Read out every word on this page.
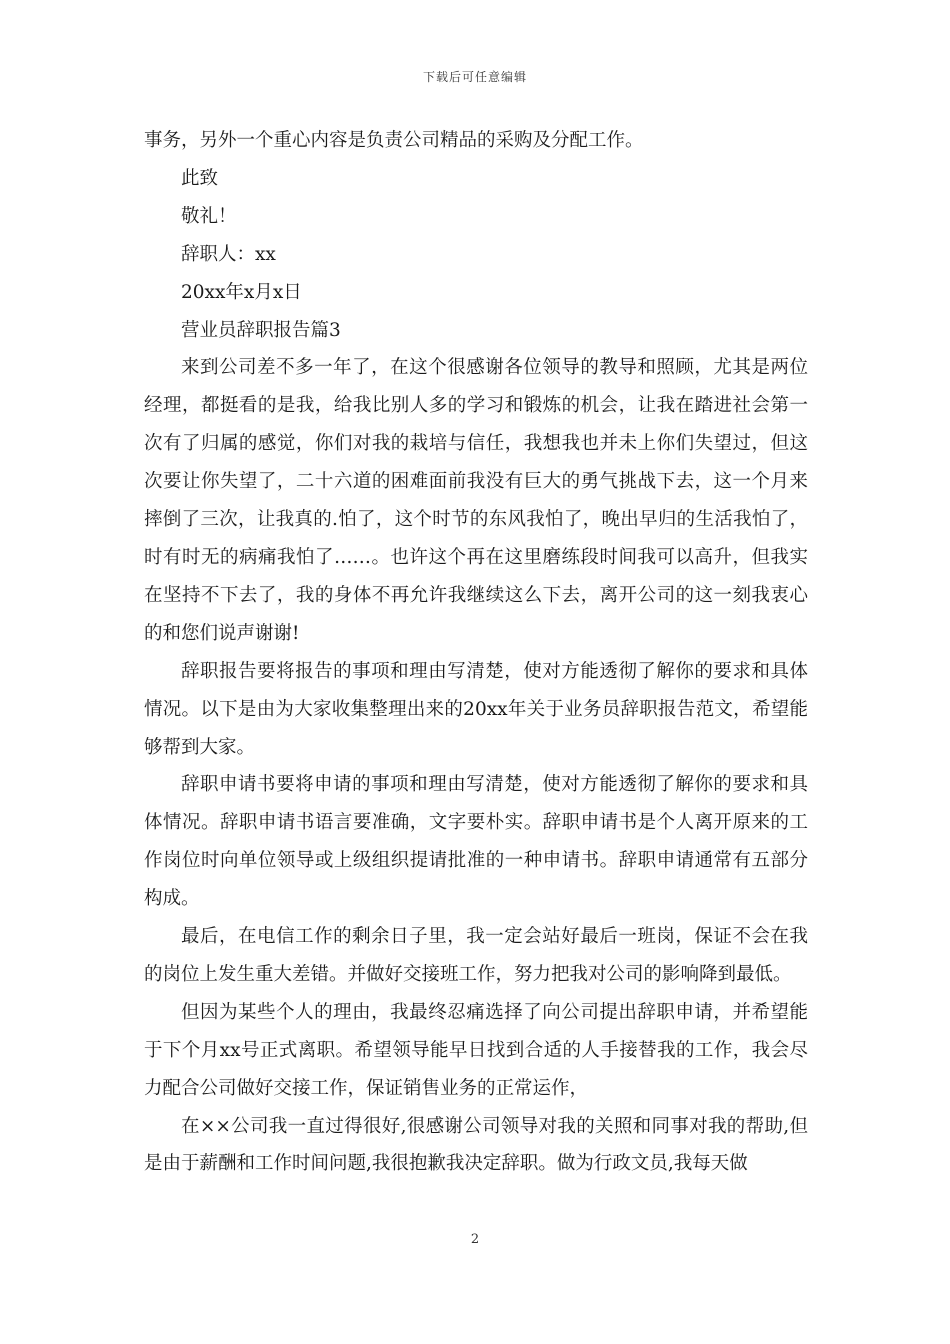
下载后可任意编辑

事务，另外一个重心内容是负责公司精品的采购及分配工作。

此致

敬礼！

辞职人：xx

20xx年x月x日

营业员辞职报告篇3

来到公司差不多一年了，在这个很感谢各位领导的教导和照顾，尤其是两位经理，都挺看的是我，给我比别人多的学习和锻炼的机会，让我在踏进社会第一次有了归属的感觉，你们对我的栽培与信任，我想我也并未上你们失望过，但这次要让你失望了，二十六道的困难面前我没有巨大的勇气挑战下去，这一个月来摔倒了三次，让我真的.怕了，这个时节的东风我怕了，晚出早归的生活我怕了，时有时无的病痛我怕了……。也许这个再在这里磨练段时间我可以高升，但我实在坚持不下去了，我的身体不再允许我继续这么下去，离开公司的这一刻我衷心的和您们说声谢谢!

辞职报告要将报告的事项和理由写清楚，使对方能透彻了解你的要求和具体情况。以下是由为大家收集整理出来的20xx年关于业务员辞职报告范文，希望能够帮到大家。

辞职申请书要将申请的事项和理由写清楚，使对方能透彻了解你的要求和具体情况。辞职申请书语言要准确，文字要朴实。辞职申请书是个人离开原来的工作岗位时向单位领导或上级组织提请批准的一种申请书。辞职申请通常有五部分构成。

最后，在电信工作的剩余日子里，我一定会站好最后一班岗，保证不会在我的岗位上发生重大差错。并做好交接班工作，努力把我对公司的影响降到最低。

但因为某些个人的理由，我最终忍痛选择了向公司提出辞职申请，并希望能于下个月xx号正式离职。希望领导能早日找到合适的人手接替我的工作，我会尽力配合公司做好交接工作，保证销售业务的正常运作，

在××公司我一直过得很好,很感谢公司领导对我的关照和同事对我的帮助,但是由于薪酬和工作时间问题,我很抱歉我决定辞职。做为行政文员,我每天做

2
